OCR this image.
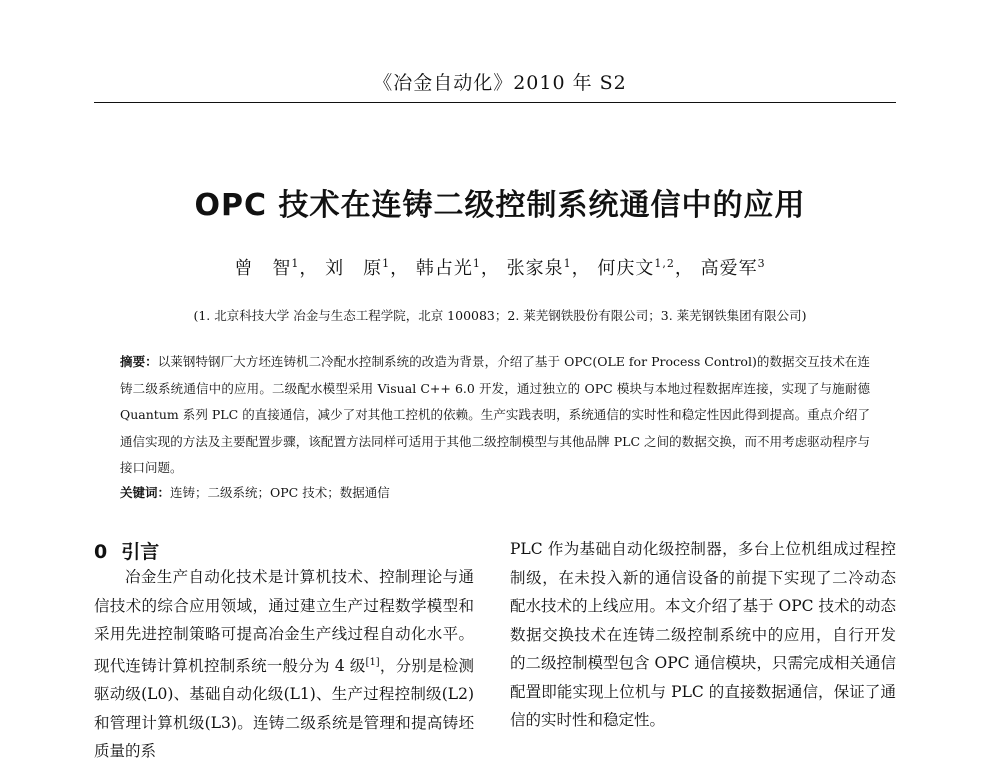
《冶金自动化》2010 年 S2
OPC 技术在连铸二级控制系统通信中的应用
曾　智$^1$， 刘　原$^1$， 韩占光$^1$， 张家泉$^1$， 何庆文$^{1,2}$， 高爱军$^3$
(1. 北京科技大学 冶金与生态工程学院，北京 100083；2. 莱芜钢铁股份有限公司；3. 莱芜钢铁集团有限公司)
摘要：以莱钢特钢厂大方坯连铸机二冷配水控制系统的改造为背景，介绍了基于 OPC(OLE for Process Control)的数据交互技术在连铸二级系统通信中的应用。二级配水模型采用 Visual C++ 6.0 开发，通过独立的 OPC 模块与本地过程数据库连接，实现了与施耐德 Quantum 系列 PLC 的直接通信，减少了对其他工控机的依赖。生产实践表明，系统通信的实时性和稳定性因此得到提高。重点介绍了通信实现的方法及主要配置步骤，该配置方法同样可适用于其他二级控制模型与其他品牌 PLC 之间的数据交换，而不用考虑驱动程序与接口问题。
关键词：连铸；二级系统；OPC 技术；数据通信
0 引言
冶金生产自动化技术是计算机技术、控制理论与通信技术的综合应用领域，通过建立生产过程数学模型和采用先进控制策略可提高冶金生产线过程自动化水平。现代连铸计算机控制系统一般分为 4 级[1]，分别是检测驱动级(L0)、基础自动化级(L1)、生产过程控制级(L2)和管理计算机级(L3)。连铸二级系统是管理和提高铸坯质量的系
PLC 作为基础自动化级控制器，多台上位机组成过程控制级，在未投入新的通信设备的前提下实现了二冷动态配水技术的上线应用。本文介绍了基于 OPC 技术的动态数据交换技术在连铸二级控制系统中的应用，自行开发的二级控制模型包含 OPC 通信模块，只需完成相关通信配置即能实现上位机与 PLC 的直接数据通信，保证了通信的实时性和稳定性。
